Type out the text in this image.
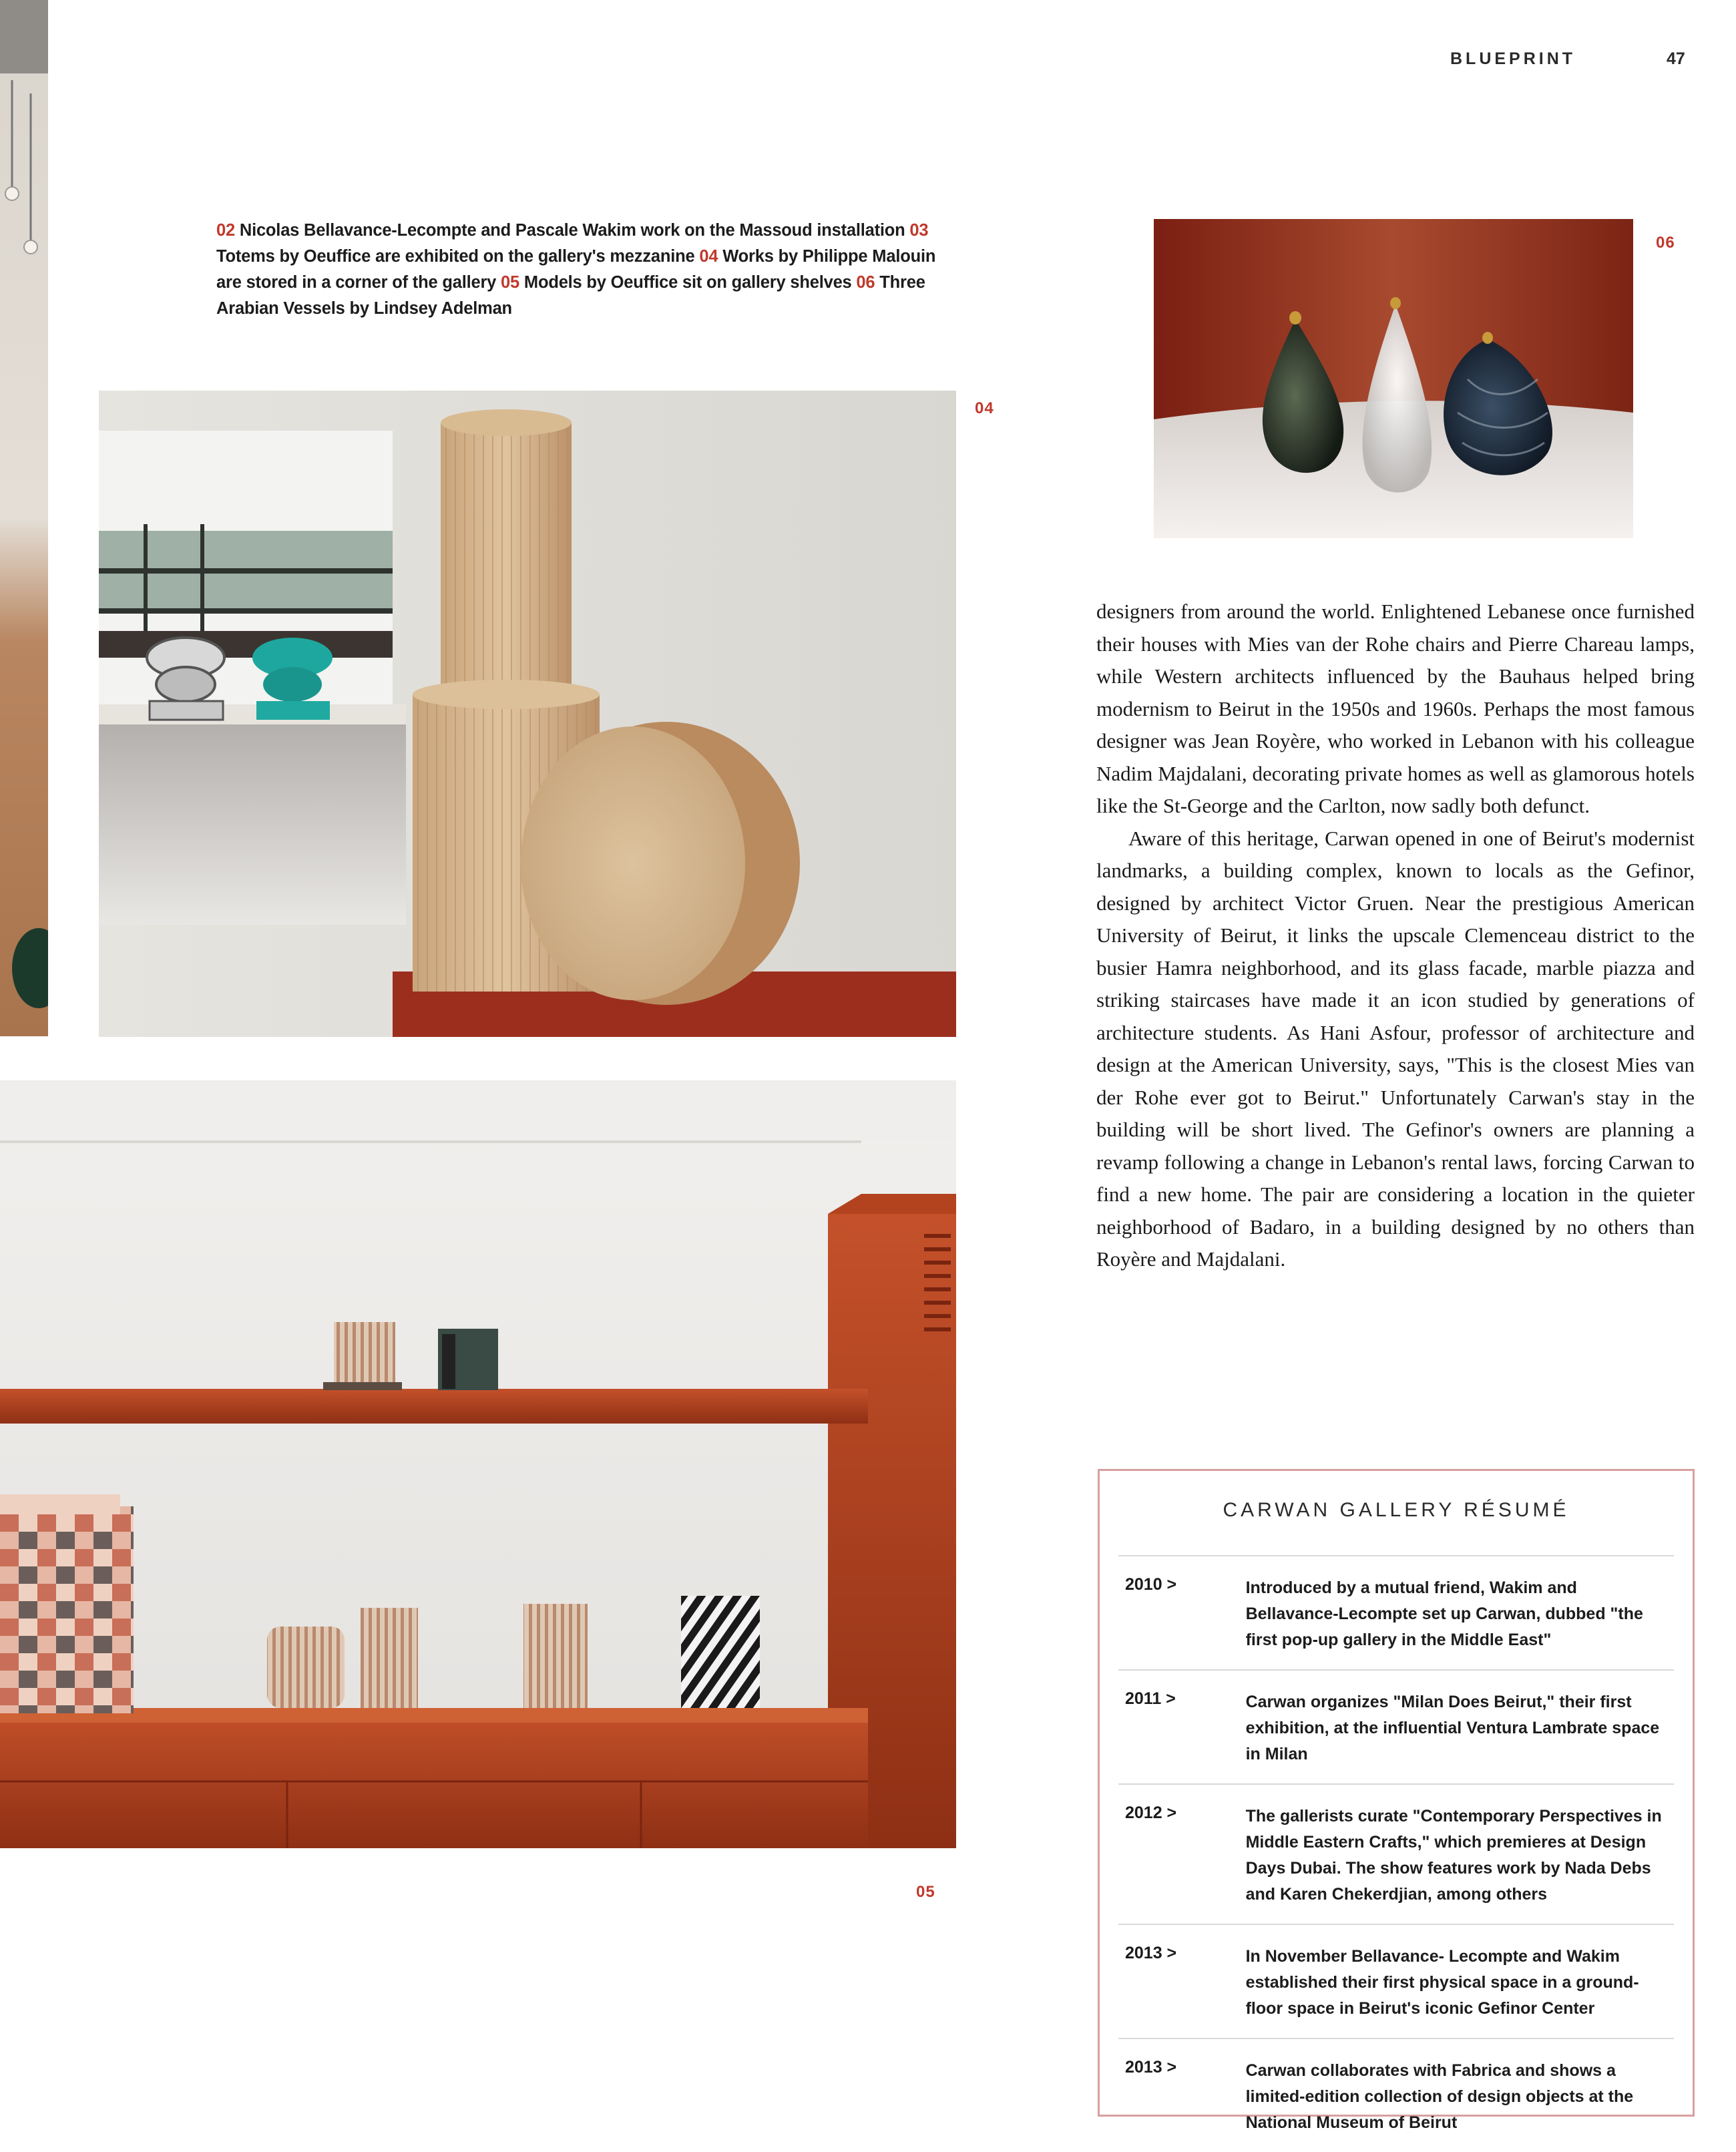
BLUEPRINT	47
02 Nicolas Bellavance-Lecompte and Pascale Wakim work on the Massoud installation 03 Totems by Oeuffice are exhibited on the gallery's mezzanine 04 Works by Philippe Malouin are stored in a corner of the gallery 05 Models by Oeuffice sit on gallery shelves 06 Three Arabian Vessels by Lindsey Adelman
06
04
05

designers from around the world. Enlightened Lebanese once furnished their houses with Mies van der Rohe chairs and Pierre Chareau lamps, while Western architects influenced by the Bauhaus helped bring modernism to Beirut in the 1950s and 1960s. Perhaps the most famous designer was Jean Royère, who worked in Lebanon with his colleague Nadim Majdalani, decorating private homes as well as glamorous hotels like the St-George and the Carlton, now sadly both defunct.

Aware of this heritage, Carwan opened in one of Beirut's modernist landmarks, a building complex, known to locals as the Gefinor, designed by architect Victor Gruen. Near the prestigious American University of Beirut, it links the upscale Clemenceau district to the busier Hamra neighborhood, and its glass facade, marble piazza and striking staircases have made it an icon studied by generations of architecture students. As Hani Asfour, professor of architecture and design at the American University, says, "This is the closest Mies van der Rohe ever got to Beirut." Unfortunately Carwan's stay in the building will be short lived. The Gefinor's owners are planning a revamp following a change in Lebanon's rental laws, forcing Carwan to find a new home. The pair are considering a location in the quieter neighborhood of Badaro, in a building designed by no others than Royère and Majdalani.

CARWAN GALLERY RÉSUMÉ
2010 >	Introduced by a mutual friend, Wakim and Bellavance-Lecompte set up Carwan, dubbed "the first pop-up gallery in the Middle East"
2011 >	Carwan organizes "Milan Does Beirut," their first exhibition, at the influential Ventura Lambrate space in Milan
2012 >	The gallerists curate "Contemporary Perspectives in Middle Eastern Crafts," which premieres at Design Days Dubai. The show features work by Nada Debs and Karen Chekerdjian, among others
2013 >	In November Bellavance- Lecompte and Wakim established their first physical space in a ground-floor space in Beirut's iconic Gefinor Center
2013 >	Carwan collaborates with Fabrica and shows a limited-edition collection of design objects at the National Museum of Beirut
